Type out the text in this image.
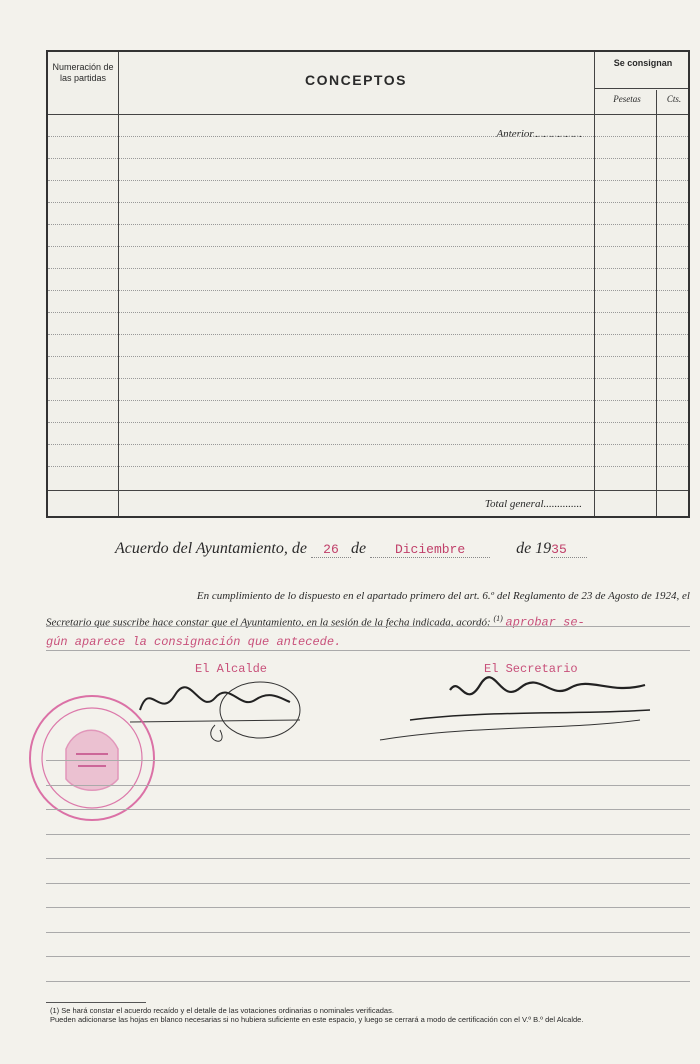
Numeración de las partidas	CONCEPTOS
Se consignan
Pesetas	Cts.
Anterior..................
Total general..............
Acuerdo del Ayuntamiento, de 26 de Diciembre	de 1935
En cumplimiento de lo dispuesto en el apartado primero del art. 6.º del Reglamento de 23 de Agosto de 1924, el
Secretario que suscribe hace constar que el Ayuntamiento, en la sesión de la fecha indicada, acordó: $^{(1)}$ aprobar se-
gún aparece la consignación que antecede.
El Alcalde	El Secretario
(1) Se hará constar el acuerdo recaído y el detalle de las votaciones ordinarias o nominales verificadas.
Pueden adicionarse las hojas en blanco necesarias si no hubiera suficiente en este espacio, y luego se cerrará a modo de certificación con el V.º B.º del Alcalde.
